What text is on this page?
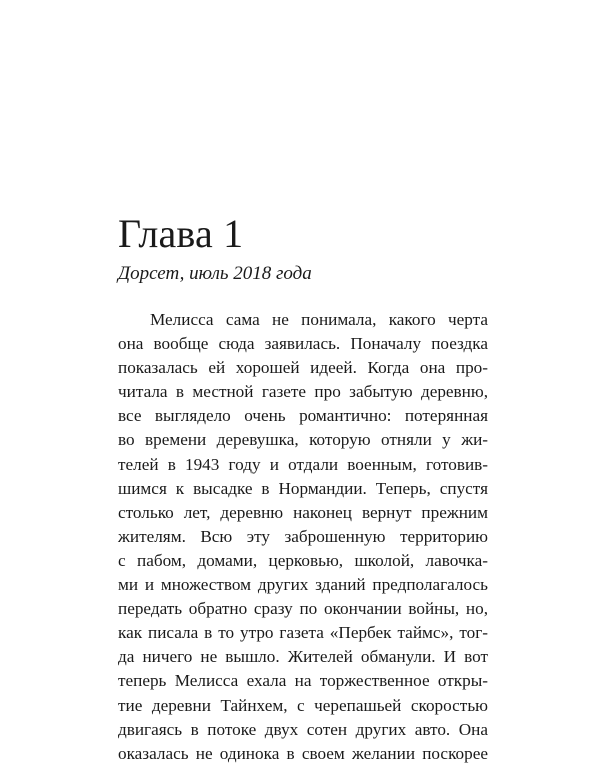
Глава 1

Дорсет, июль 2018 года

Мелисса сама не понимала, какого черта
она вообще сюда заявилась. Поначалу поездка
показалась ей хорошей идеей. Когда она про-
читала в местной газете про забытую деревню,
все выглядело очень романтично: потерянная
во времени деревушка, которую отняли у жи-
телей в 1943 году и отдали военным, готовив-
шимся к высадке в Нормандии. Теперь, спустя
столько лет, деревню наконец вернут прежним
жителям. Всю эту заброшенную территорию
с пабом, домами, церковью, школой, лавочка-
ми и множеством других зданий предполагалось
передать обратно сразу по окончании войны, но,
как писала в то утро газета «Пербек таймс», тог-
да ничего не вышло. Жителей обманули. И вот
теперь Мелисса ехала на торжественное откры-
тие деревни Тайнхем, с черепашьей скоростью
двигаясь в потоке двух сотен других авто. Она
оказалась не одинока в своем желании поскорее
